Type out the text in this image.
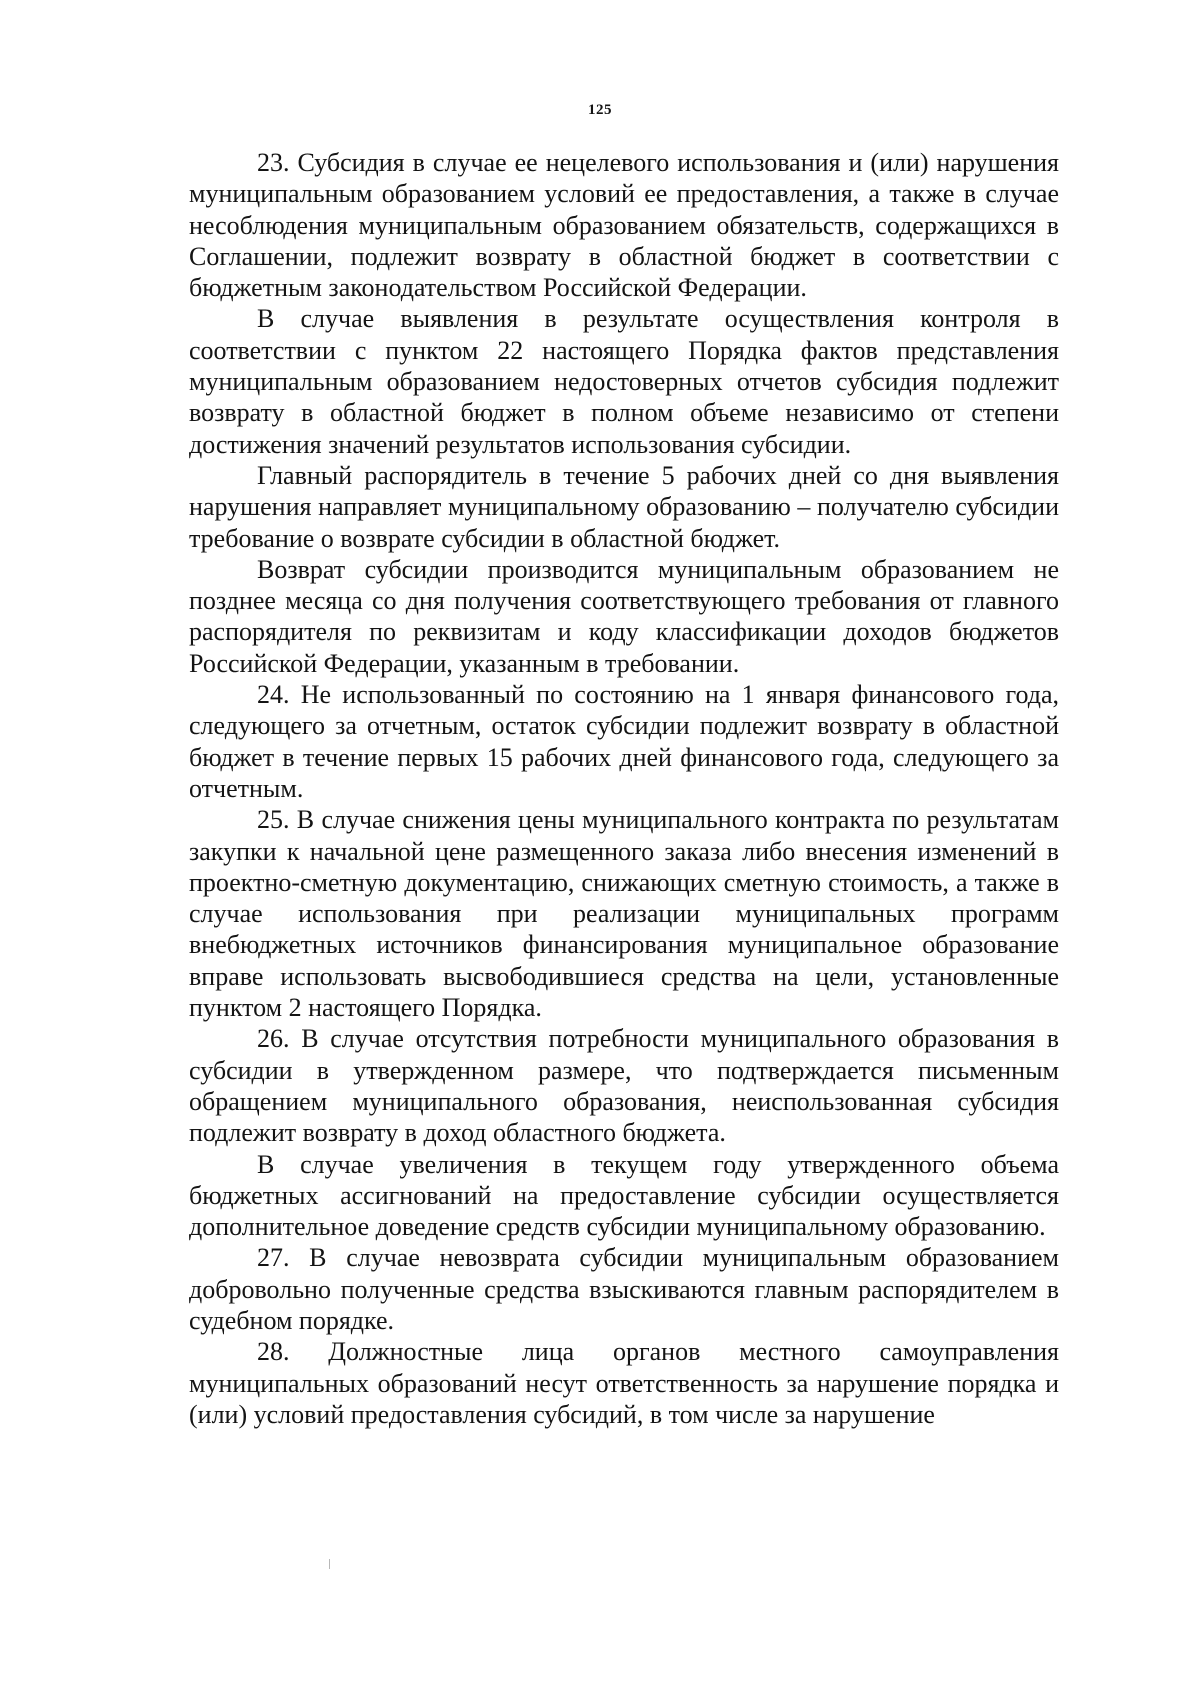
125

23. Субсидия в случае ее нецелевого использования и (или) нарушения муниципальным образованием условий ее предоставления, а также в случае несоблюдения муниципальным образованием обязательств, содержащихся в Соглашении, подлежит возврату в областной бюджет в соответствии с бюджетным законодательством Российской Федерации.

В случае выявления в результате осуществления контроля в соответствии с пунктом 22 настоящего Порядка фактов представления муниципальным образованием недостоверных отчетов субсидия подлежит возврату в областной бюджет в полном объеме независимо от степени достижения значений результатов использования субсидии.

Главный распорядитель в течение 5 рабочих дней со дня выявления нарушения направляет муниципальному образованию – получателю субсидии требование о возврате субсидии в областной бюджет.

Возврат субсидии производится муниципальным образованием не позднее месяца со дня получения соответствующего требования от главного распорядителя по реквизитам и коду классификации доходов бюджетов Российской Федерации, указанным в требовании.

24. Не использованный по состоянию на 1 января финансового года, следующего за отчетным, остаток субсидии подлежит возврату в областной бюджет в течение первых 15 рабочих дней финансового года, следующего за отчетным.

25. В случае снижения цены муниципального контракта по результатам закупки к начальной цене размещенного заказа либо внесения изменений в проектно-сметную документацию, снижающих сметную стоимость, а также в случае использования при реализации муниципальных программ внебюджетных источников финансирования муниципальное образование вправе использовать высвободившиеся средства на цели, установленные пунктом 2 настоящего Порядка.

26. В случае отсутствия потребности муниципального образования в субсидии в утвержденном размере, что подтверждается письменным обращением муниципального образования, неиспользованная субсидия подлежит возврату в доход областного бюджета.

В случае увеличения в текущем году утвержденного объема бюджетных ассигнований на предоставление субсидии осуществляется дополнительное доведение средств субсидии муниципальному образованию.

27. В случае невозврата субсидии муниципальным образованием добровольно полученные средства взыскиваются главным распорядителем в судебном порядке.

28. Должностные лица органов местного самоуправления муниципальных образований несут ответственность за нарушение порядка и (или) условий предоставления субсидий, в том числе за нарушение
